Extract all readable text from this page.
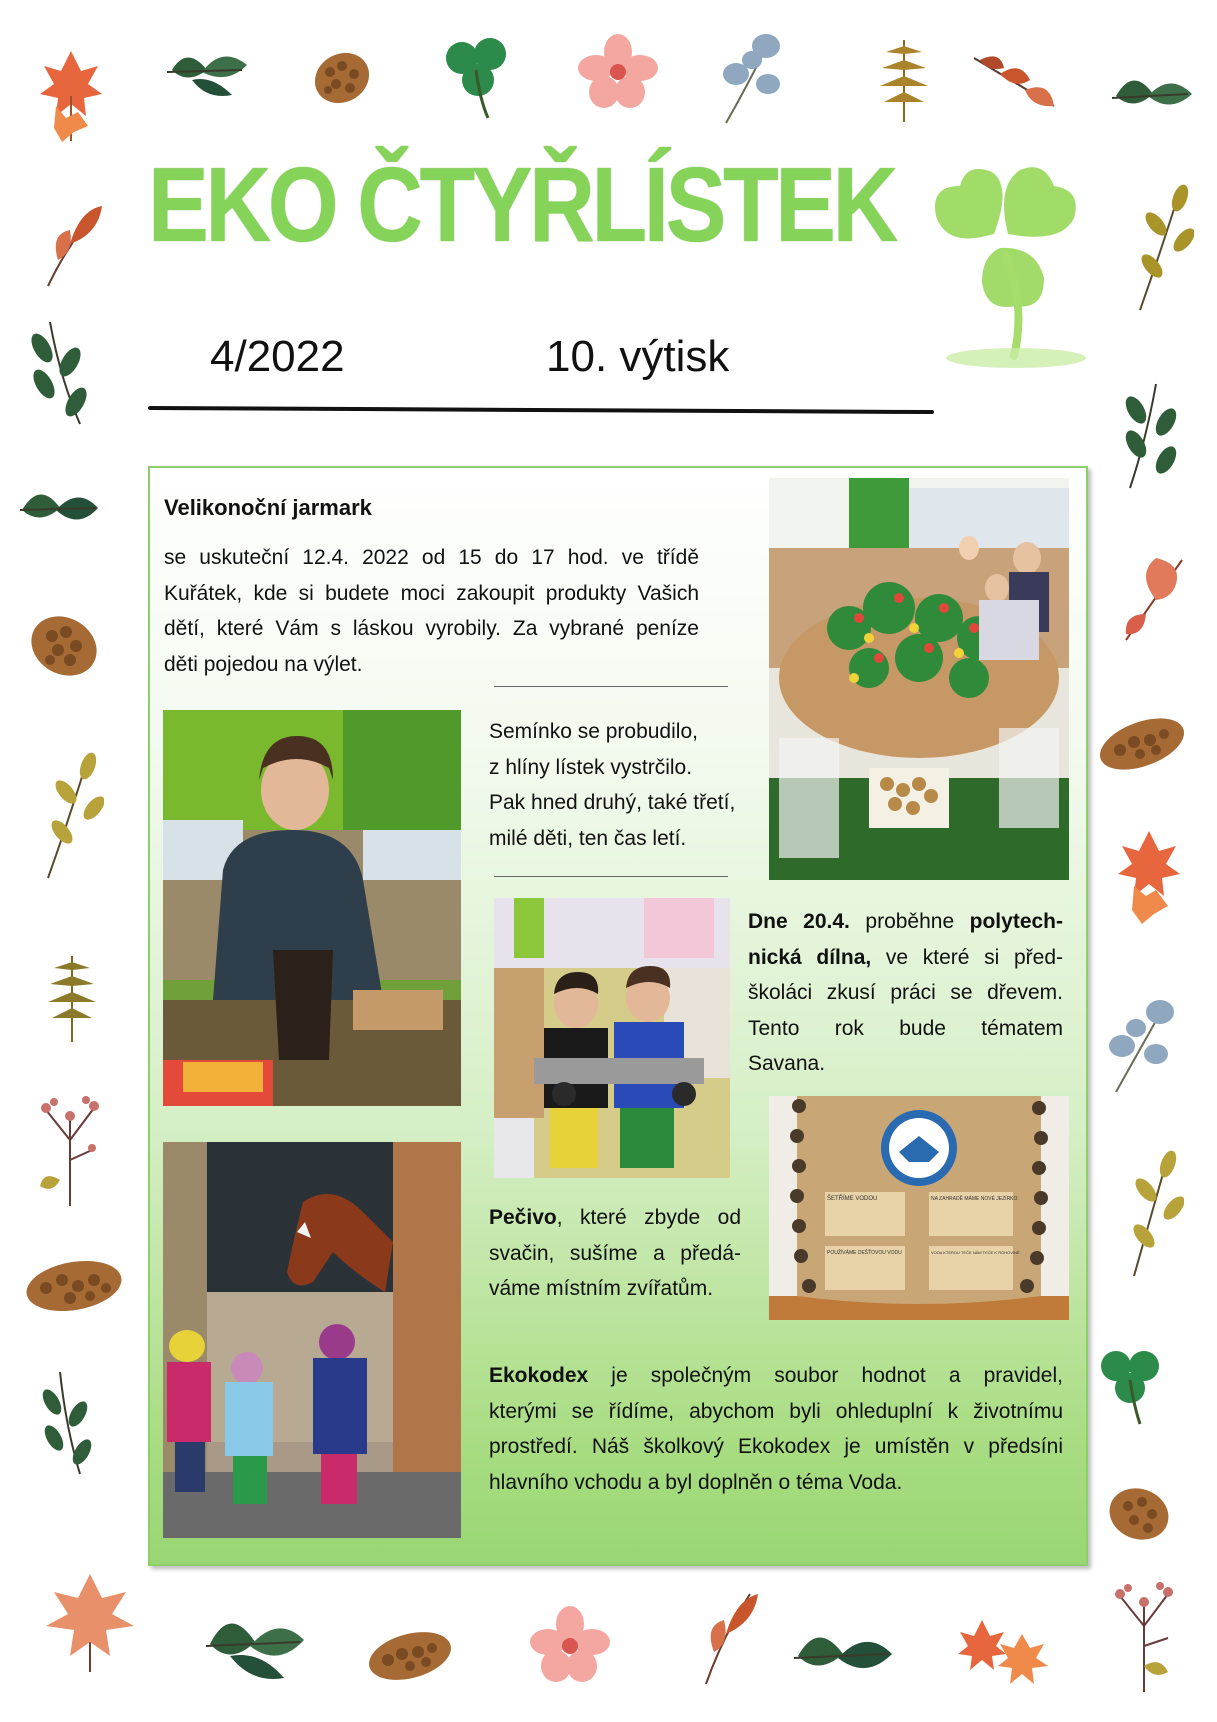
EKO ČTYŘLÍSTEK
4/2022	10. výtisk
Velikonoční jarmark
se uskuteční 12.4. 2022 od 15 do 17 hod. ve třídě
Kuřátek, kde si budete moci zakoupit produkty Vašich
dětí, které Vám s láskou vyrobily. Za vybrané peníze
děti pojedou na výlet.
Semínko se probudilo,
z hlíny lístek vystrčilo.
Pak hned druhý, také třetí,
milé děti, ten čas letí.
Dne 20.4. proběhne polytech-
nická dílna, ve které si před-
školáci zkusí práci se dřevem.
Tento rok bude tématem
Savana.
ŠETŘÍME VODOU	NA ZAHRADĚ MÁME NOVÉ JEZÍRKO
POUŽÍVÁME DEŠŤOVOU VODU	VODA KTEROU TEČE NÁM TEČE K ROHOVINĚ
Pečivo, které zbyde od
svačin, sušíme a předá-
váme místním zvířatům.
Ekokodex je společným soubor hodnot a pravidel,
kterými se řídíme, abychom byli ohleduplní k životnímu
prostředí. Náš školkový Ekokodex je umístěn v předsíni
hlavního vchodu a byl doplněn o téma Voda.
